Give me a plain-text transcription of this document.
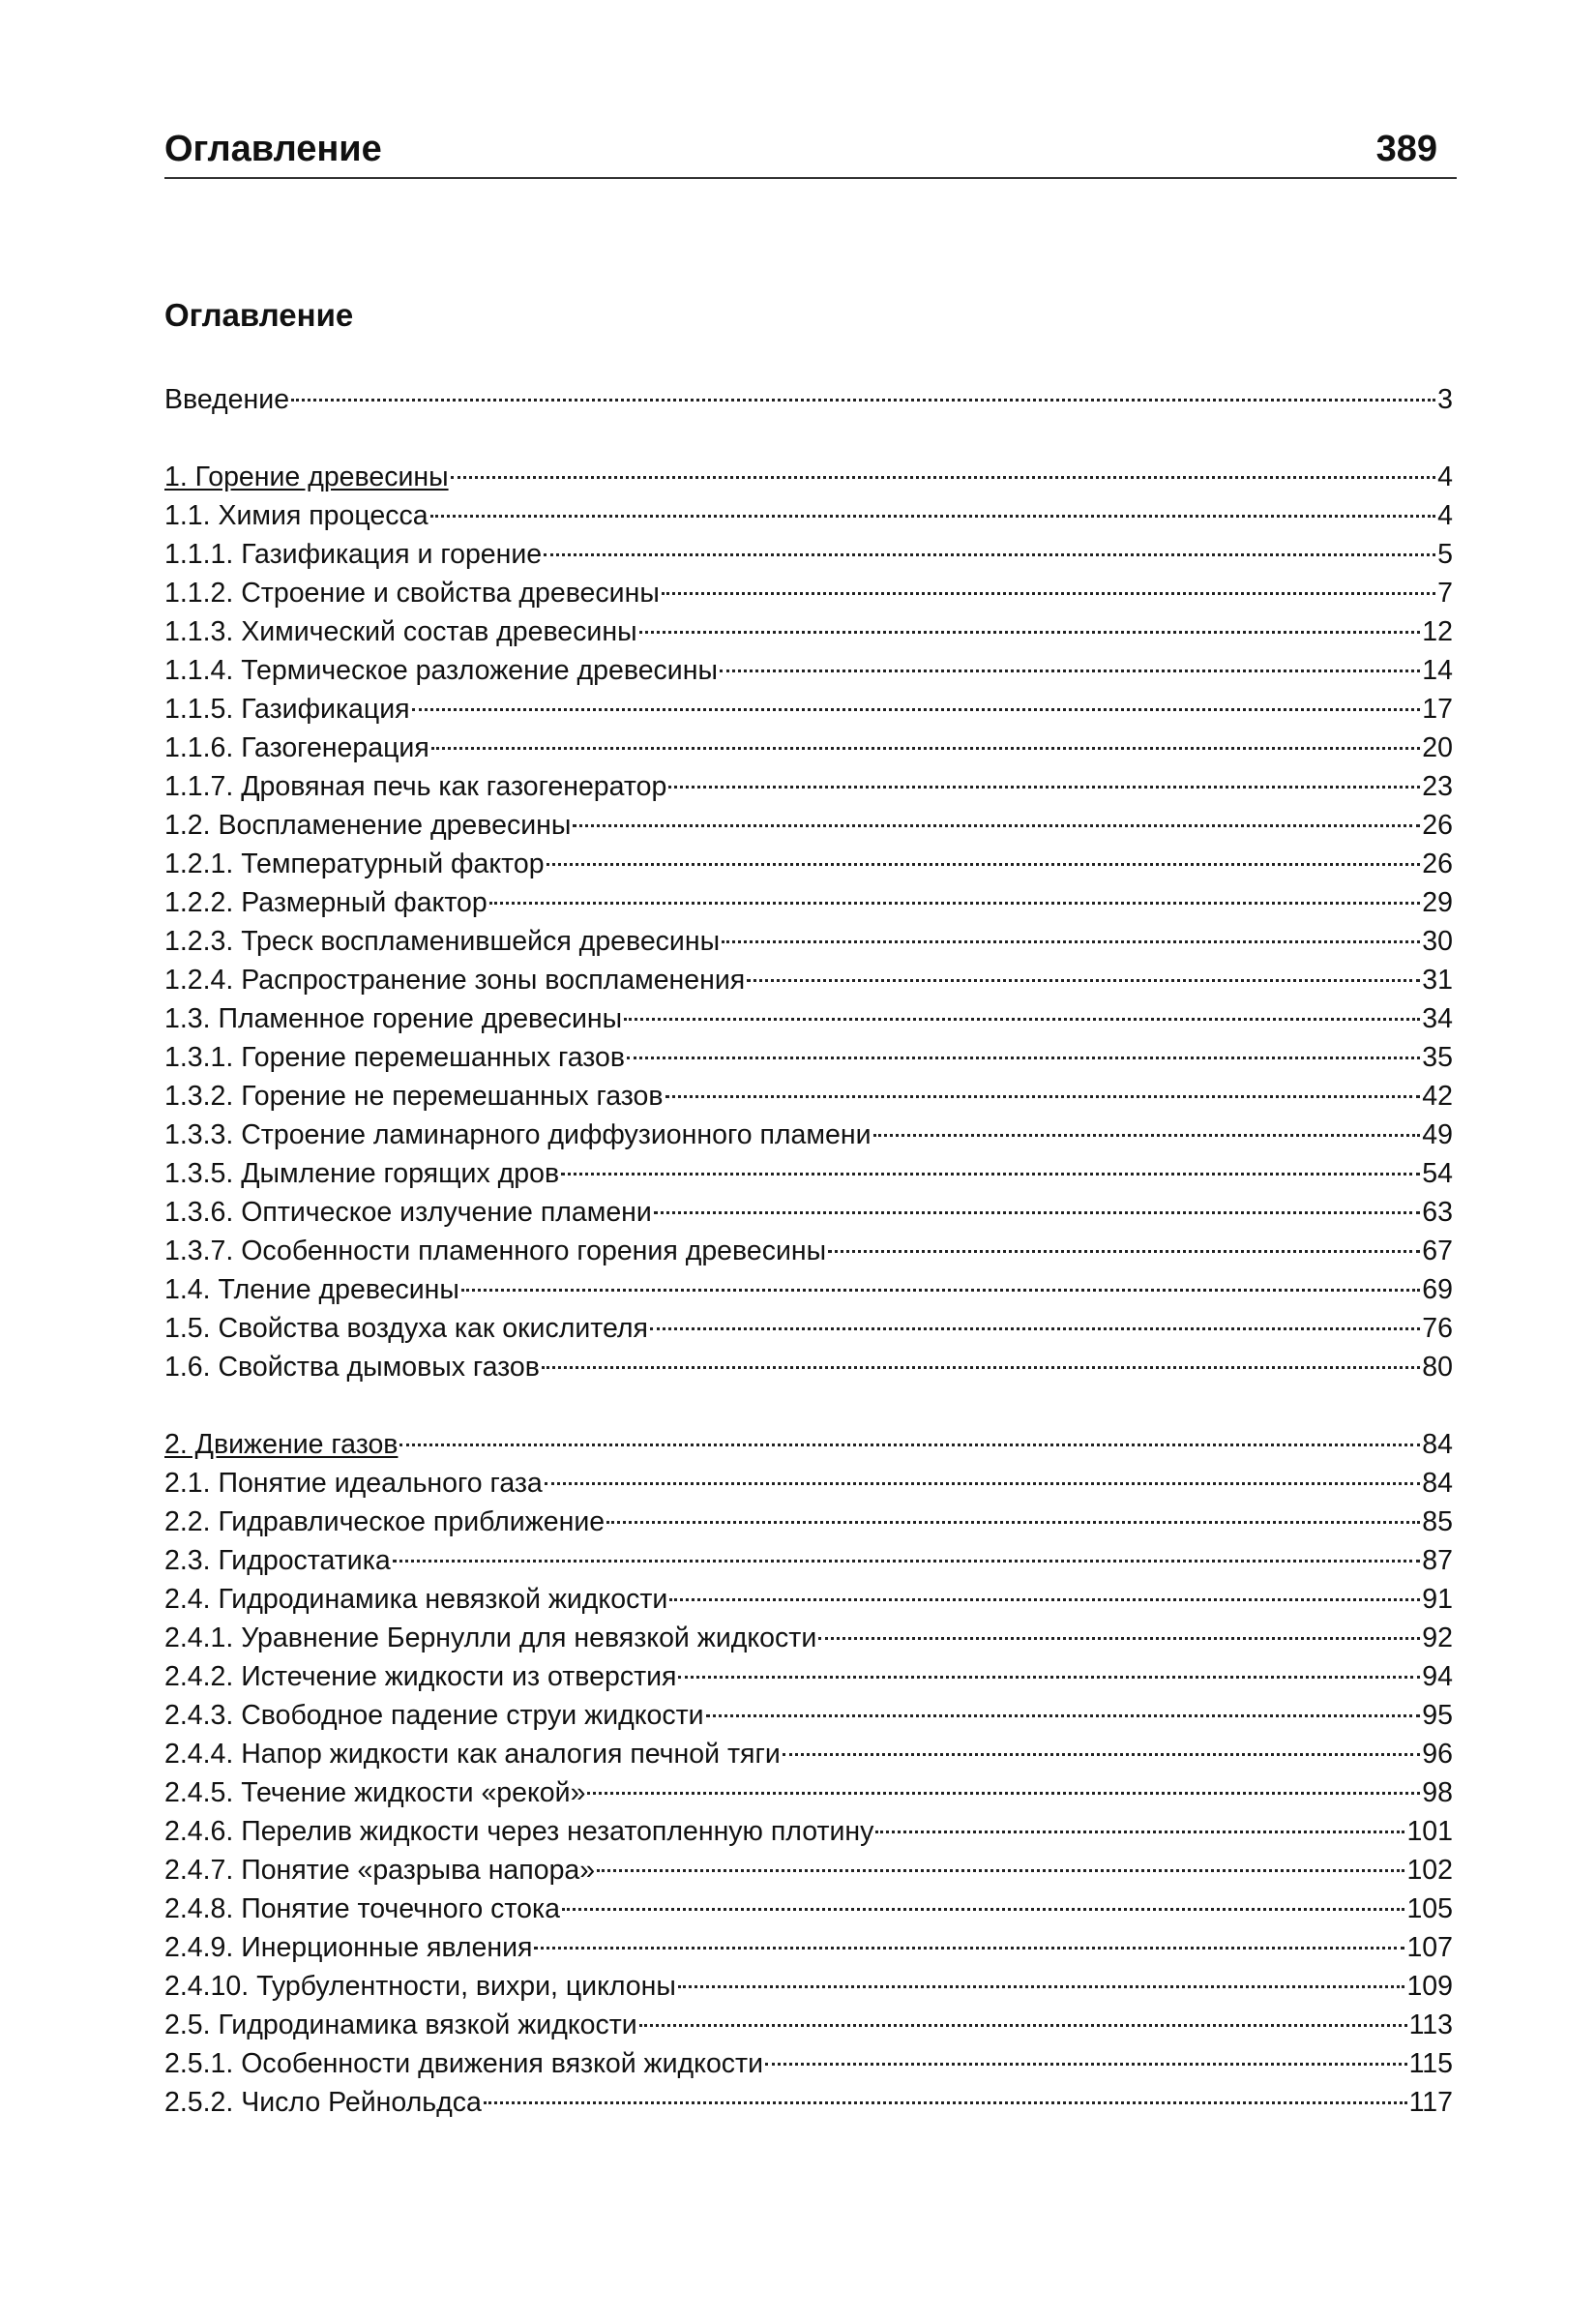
Оглавление	389
Оглавление
Введение	3
1. Горение древесины	4
1.1. Химия процесса	4
1.1.1. Газификация и горение	5
1.1.2. Строение и свойства древесины	7
1.1.3. Химический состав древесины	12
1.1.4. Термическое разложение древесины	14
1.1.5. Газификация	17
1.1.6. Газогенерация	20
1.1.7. Дровяная печь как газогенератор	23
1.2. Воспламенение древесины	26
1.2.1. Температурный фактор	26
1.2.2. Размерный фактор	29
1.2.3. Треск воспламенившейся древесины	30
1.2.4. Распространение зоны воспламенения	31
1.3. Пламенное горение древесины	34
1.3.1. Горение перемешанных газов	35
1.3.2. Горение не перемешанных газов	42
1.3.3. Строение ламинарного диффузионного пламени	49
1.3.5. Дымление горящих дров	54
1.3.6. Оптическое излучение пламени	63
1.3.7. Особенности пламенного горения древесины	67
1.4. Тление древесины	69
1.5. Свойства воздуха как окислителя	76
1.6. Свойства дымовых газов	80
2. Движение газов	84
2.1. Понятие идеального газа	84
2.2. Гидравлическое приближение	85
2.3. Гидростатика	87
2.4. Гидродинамика невязкой жидкости	91
2.4.1. Уравнение Бернулли для невязкой жидкости	92
2.4.2. Истечение жидкости из отверстия	94
2.4.3. Свободное падение струи жидкости	95
2.4.4. Напор жидкости как аналогия печной тяги	96
2.4.5. Течение жидкости «рекой»	98
2.4.6. Перелив жидкости через незатопленную плотину	101
2.4.7. Понятие «разрыва напора»	102
2.4.8. Понятие точечного стока	105
2.4.9. Инерционные явления	107
2.4.10. Турбулентности, вихри, циклоны	109
2.5. Гидродинамика вязкой жидкости	113
2.5.1. Особенности движения вязкой жидкости	115
2.5.2. Число Рейнольдса	117
